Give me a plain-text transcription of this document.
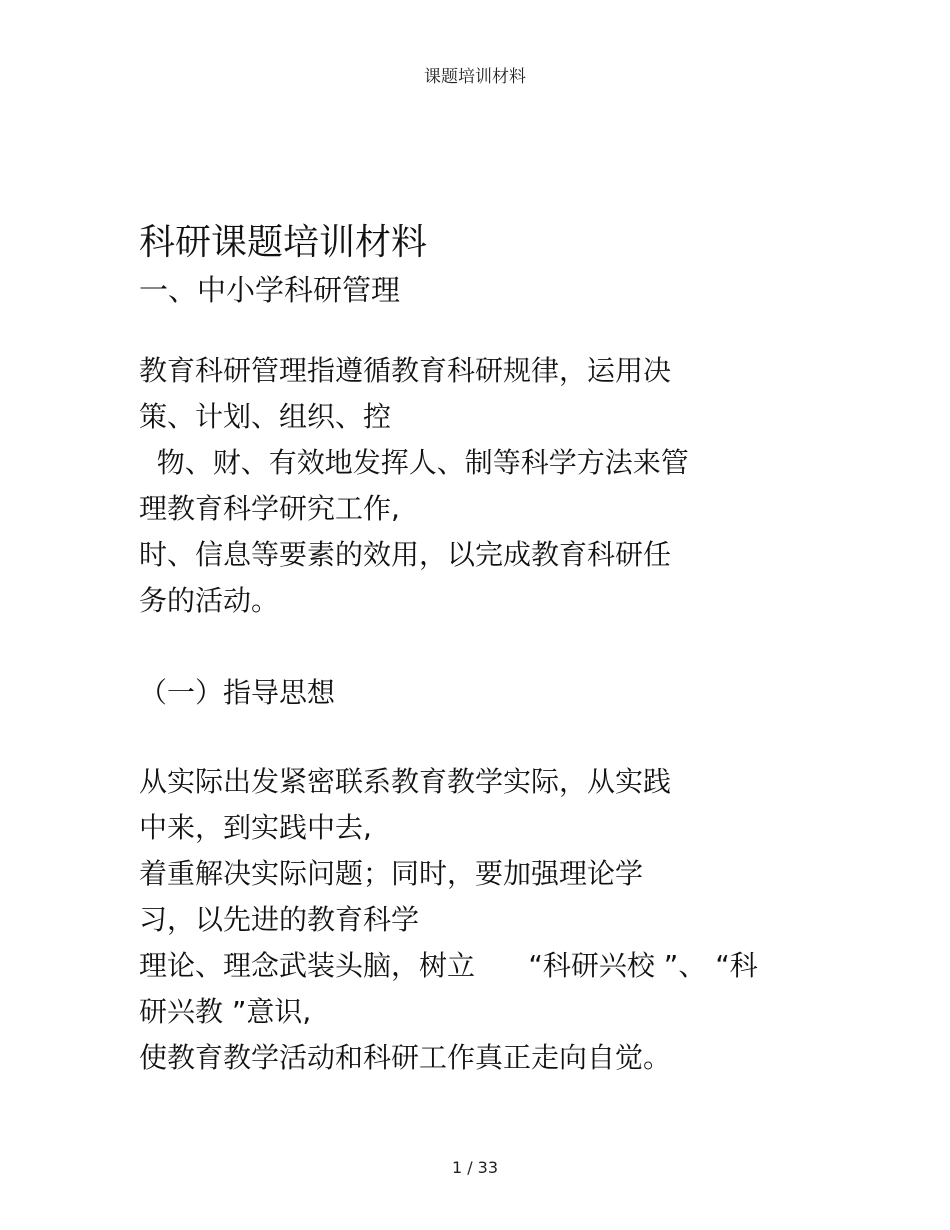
课题培训材料
科研课题培训材料
一、中小学科研管理
教育科研管理指遵循教育科研规律，运用决
策、计划、组织、控
物、财、有效地发挥人、制等科学方法来管
理教育科学研究工作,
时、信息等要素的效用，以完成教育科研任
务的活动。
（一）指导思想
从实际出发紧密联系教育教学实际，从实践
中来，到实践中去,
着重解决实际问题；同时，要加强理论学
习，以先进的教育科学
理论、理念武装头脑，树立      “科研兴校 ”、 “科
研兴教 ”意识,
使教育教学活动和科研工作真正走向自觉。
1 / 33
